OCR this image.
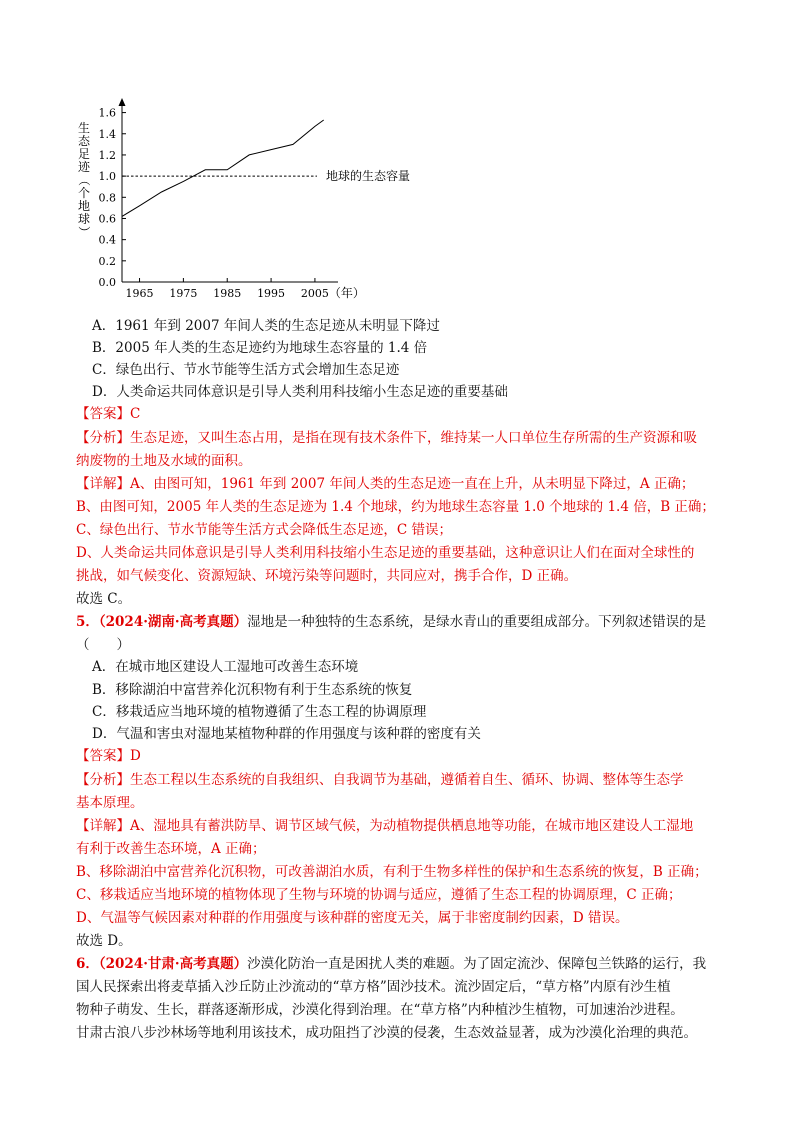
生
态
足
迹
（
个
地
球
）
0.0
0.2
0.4
0.6
0.8
1.0
1.2
1.4
1.6
1965 1975 1985 1995 2005
地球的生态容量
（年）
A．1961 年到 2007 年间人类的生态足迹从未明显下降过
B．2005 年人类的生态足迹约为地球生态容量的 1.4 倍
C．绿色出行、节水节能等生活方式会增加生态足迹
D．人类命运共同体意识是引导人类利用科技缩小生态足迹的重要基础
【答案】C
【分析】生态足迹，又叫生态占用，是指在现有技术条件下，维持某一人口单位生存所需的生产资源和吸
纳废物的土地及水域的面积。
【详解】A、由图可知，1961 年到 2007 年间人类的生态足迹一直在上升，从未明显下降过，A 正确；
B、由图可知，2005 年人类的生态足迹为 1.4 个地球，约为地球生态容量 1.0 个地球的 1.4 倍，B 正确；
C、绿色出行、节水节能等生活方式会降低生态足迹，C 错误；
D、人类命运共同体意识是引导人类利用科技缩小生态足迹的重要基础，这种意识让人们在面对全球性的
挑战，如气候变化、资源短缺、环境污染等问题时，共同应对，携手合作，D 正确。
故选 C。
5．（2024·湖南·高考真题）湿地是一种独特的生态系统，是绿水青山的重要组成部分。下列叙述错误的是
（　　）
A．在城市地区建设人工湿地可改善生态环境
B．移除湖泊中富营养化沉积物有利于生态系统的恢复
C．移栽适应当地环境的植物遵循了生态工程的协调原理
D．气温和害虫对湿地某植物种群的作用强度与该种群的密度有关
【答案】D
【分析】生态工程以生态系统的自我组织、自我调节为基础，遵循着自生、循环、协调、整体等生态学
基本原理。
【详解】A、湿地具有蓄洪防旱、调节区域气候，为动植物提供栖息地等功能，在城市地区建设人工湿地
有利于改善生态环境，A 正确；
B、移除湖泊中富营养化沉积物，可改善湖泊水质，有利于生物多样性的保护和生态系统的恢复，B 正确；
C、移栽适应当地环境的植物体现了生物与环境的协调与适应，遵循了生态工程的协调原理，C 正确；
D、气温等气候因素对种群的作用强度与该种群的密度无关，属于非密度制约因素，D 错误。
故选 D。
6．（2024·甘肃·高考真题）沙漠化防治一直是困扰人类的难题。为了固定流沙、保障包兰铁路的运行，我
国人民探索出将麦草插入沙丘防止沙流动的“草方格”固沙技术。流沙固定后，“草方格”内原有沙生植
物种子萌发、生长，群落逐渐形成，沙漠化得到治理。在“草方格”内种植沙生植物，可加速治沙进程。
甘肃古浪八步沙林场等地利用该技术，成功阻挡了沙漠的侵袭，生态效益显著，成为沙漠化治理的典范。
